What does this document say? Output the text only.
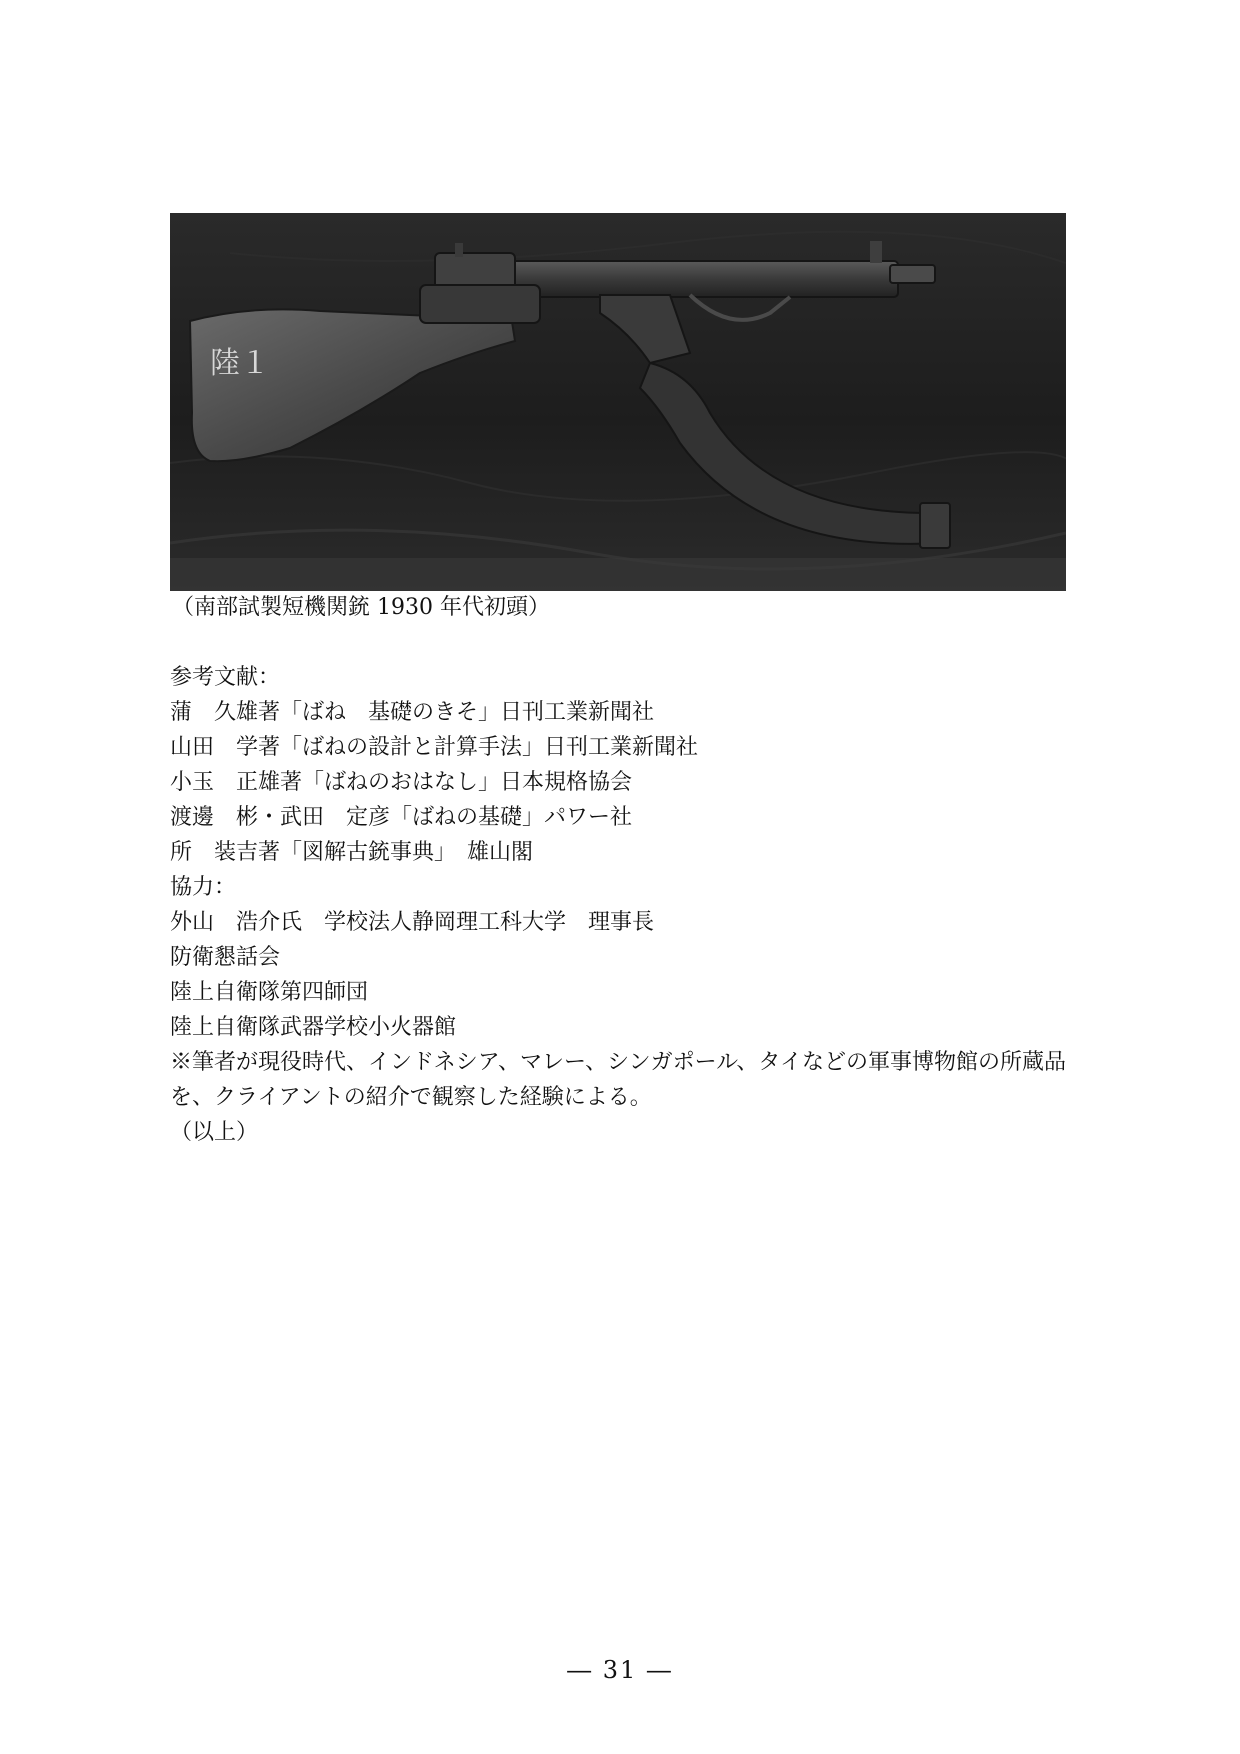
陸１
（南部試製短機関銃 1930 年代初頭）
参考文献：
蒲　久雄著「ばね　基礎のきそ」日刊工業新聞社
山田　学著「ばねの設計と計算手法」日刊工業新聞社
小玉　正雄著「ばねのおはなし」日本規格協会
渡邊　彬・武田　定彦「ばねの基礎」パワー社
所　装吉著「図解古銃事典」　雄山閣
協力：
外山　浩介氏　学校法人静岡理工科大学　理事長
防衛懇話会
陸上自衛隊第四師団
陸上自衛隊武器学校小火器館
※筆者が現役時代、インドネシア、マレー、シンガポール、タイなどの軍事博物館の所蔵品を、クライアントの紹介で観察した経験による。
（以上）
― 31 ―
